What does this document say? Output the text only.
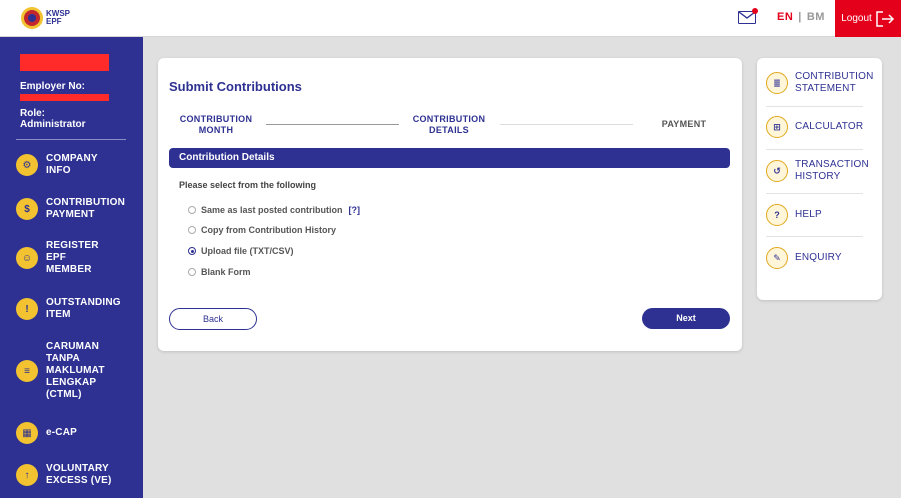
KWSP
EPF	EN | BM Logout
Employer No:
Role:
Administrator
⚙
COMPANY
INFO
$
CONTRIBUTION
PAYMENT
☺
REGISTER
EPF
MEMBER
!
OUTSTANDING
ITEM
≡
CARUMAN
TANPA
MAKLUMAT
LENGKAP
(CTML)
▦	e-CAP
↑
VOLUNTARY
EXCESS (VE)
Submit Contributions
CONTRIBUTION
MONTH
CONTRIBUTION
DETAILS
PAYMENT
Contribution Details
Please select from the following
Same as last posted contribution [?]
Copy from Contribution History
Upload file (TXT/CSV)
Blank Form
Back	Next
≣
CONTRIBUTION
STATEMENT
⊞	CALCULATOR
↺
TRANSACTION
HISTORY
?	HELP
✎	ENQUIRY
